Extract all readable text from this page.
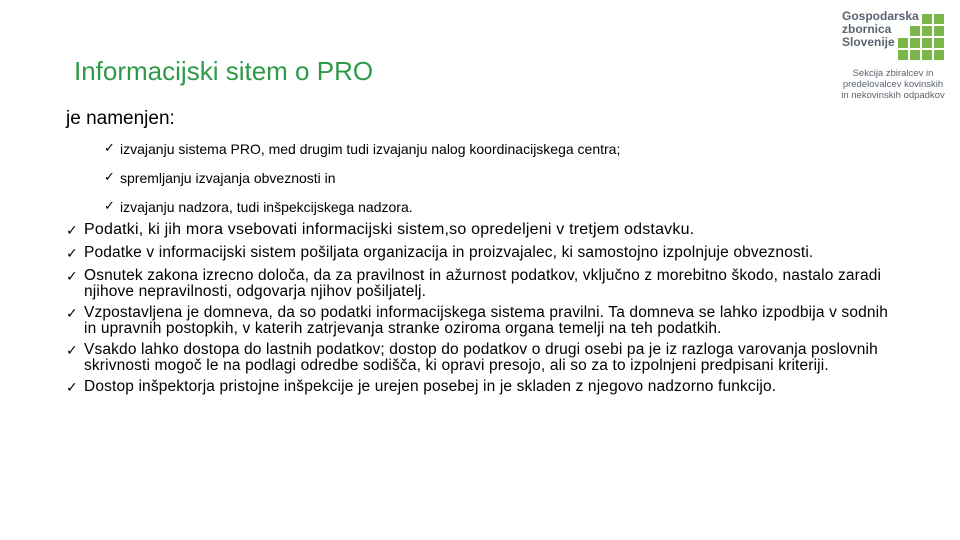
Informacijski sitem o PRO

je namenjen:

✓ izvajanju sistema PRO, med drugim tudi izvajanju nalog koordinacijskega centra;
✓ spremljanju izvajanja obveznosti in
✓ izvajanju nadzora, tudi inšpekcijskega nadzora.
✓ Podatki, ki jih mora vsebovati informacijski sistem,so opredeljeni v tretjem odstavku.
✓ Podatke v informacijski sistem pošiljata organizacija in proizvajalec, ki samostojno izpolnjuje obveznosti.
✓ Osnutek zakona izrecno določa, da za pravilnost in ažurnost podatkov, vključno z morebitno škodo, nastalo zaradi njihove nepravilnosti, odgovarja njihov pošiljatelj.
✓ Vzpostavljena je domneva, da so podatki informacijskega sistema pravilni. Ta domneva se lahko izpodbija v sodnih in upravnih postopkih, v katerih zatrjevanja stranke oziroma organa temelji na teh podatkih.
✓ Vsakdo lahko dostopa do lastnih podatkov; dostop do podatkov o drugi osebi pa je iz razloga varovanja poslovnih skrivnosti mogoč le na podlagi odredbe sodišča, ki opravi presojo, ali so za to izpolnjeni predpisani kriteriji.
✓ Dostop inšpektorja pristojne inšpekcije je urejen posebej in je skladen z njegovo nadzorno funkcijo.
Gospodarska
zbornica
Slovenije
Sekcija zbiralcev in
predelovalcev kovinskih
in nekovinskih odpadkov
